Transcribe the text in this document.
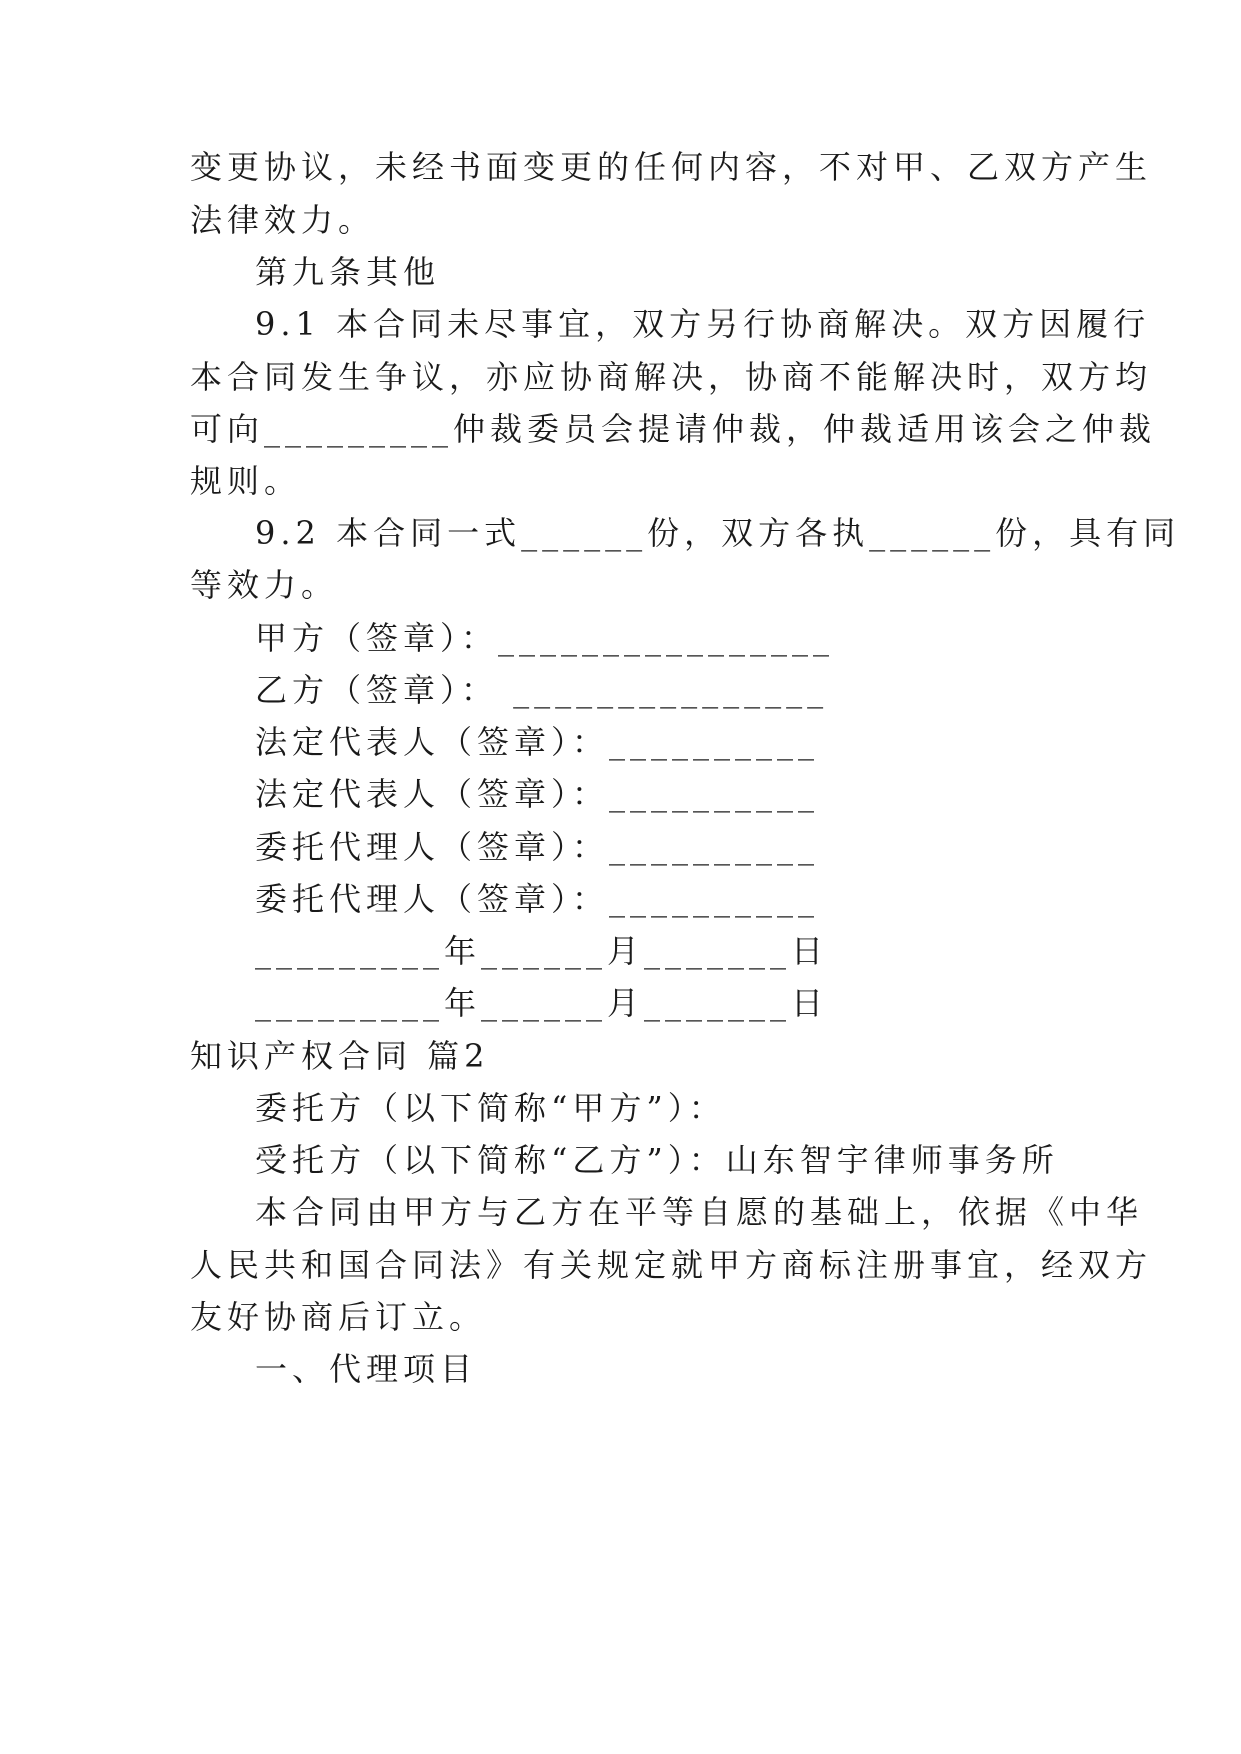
变更协议，未经书面变更的任何内容，不对甲、乙双方产生
法律效力。
第九条其他
9.1 本合同未尽事宜，双方另行协商解决。双方因履行
本合同发生争议，亦应协商解决，协商不能解决时，双方均
可向_________仲裁委员会提请仲裁，仲裁适用该会之仲裁
规则。
9.2 本合同一式______份，双方各执______份，具有同
等效力。
甲方（签章）：________________
乙方（签章）： _______________
法定代表人（签章）：__________
法定代表人（签章）：__________
委托代理人（签章）：__________
委托代理人（签章）：__________
_________年______月_______日
_________年______月_______日
知识产权合同 篇2
委托方（以下简称“甲方”）：
受托方（以下简称“乙方”）：山东智宇律师事务所
本合同由甲方与乙方在平等自愿的基础上，依据《中华
人民共和国合同法》有关规定就甲方商标注册事宜，经双方
友好协商后订立。
一、代理项目
